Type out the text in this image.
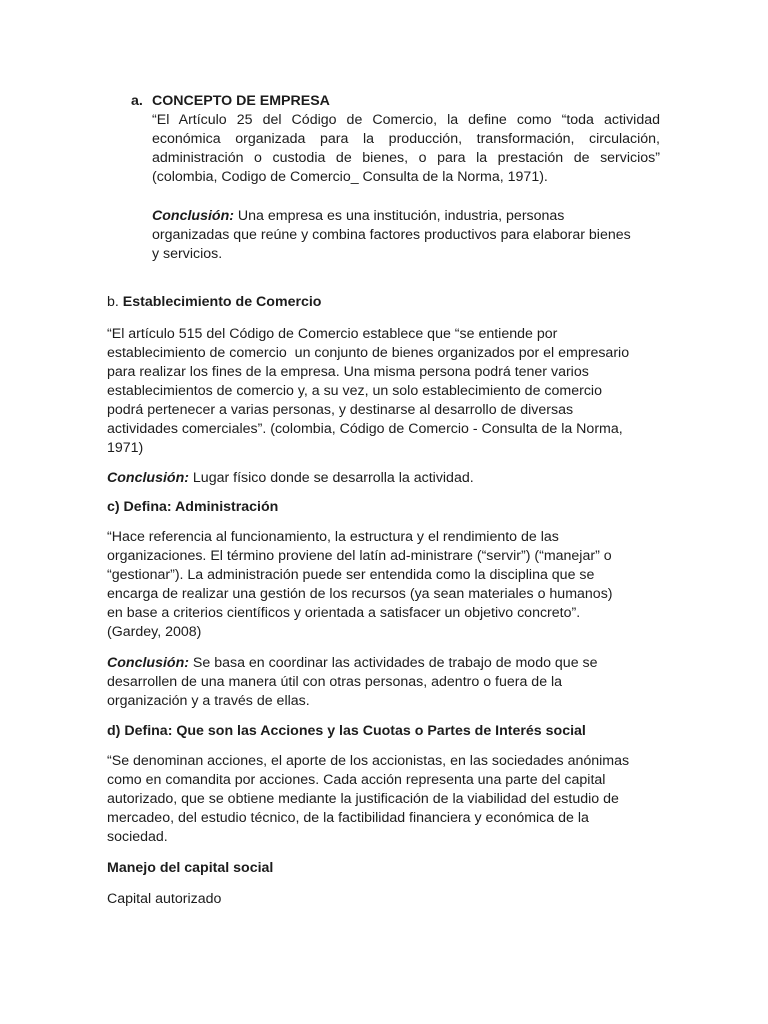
a. CONCEPTO DE EMPRESA
“El Artículo 25 del Código de Comercio, la define como “toda actividad
económica organizada para la producción, transformación, circulación,
administración o custodia de bienes, o para la prestación de servicios”
(colombia, Codigo de Comercio_ Consulta de la Norma, 1971).
Conclusión: Una empresa es una institución, industria, personas
organizadas que reúne y combina factores productivos para elaborar bienes
y servicios.
b. Establecimiento de Comercio
“El artículo 515 del Código de Comercio establece que “se entiende por
establecimiento de comercio  un conjunto de bienes organizados por el empresario
para realizar los fines de la empresa. Una misma persona podrá tener varios
establecimientos de comercio y, a su vez, un solo establecimiento de comercio
podrá pertenecer a varias personas, y destinarse al desarrollo de diversas
actividades comerciales”. (colombia, Código de Comercio - Consulta de la Norma,
1971)
Conclusión: Lugar físico donde se desarrolla la actividad.
c) Defina: Administración
“Hace referencia al funcionamiento, la estructura y el rendimiento de las
organizaciones. El término proviene del latín ad-ministrare (“servir”) (“manejar” o
“gestionar”). La administración puede ser entendida como la disciplina que se
encarga de realizar una gestión de los recursos (ya sean materiales o humanos)
en base a criterios científicos y orientada a satisfacer un objetivo concreto”.
(Gardey, 2008)
Conclusión: Se basa en coordinar las actividades de trabajo de modo que se
desarrollen de una manera útil con otras personas, adentro o fuera de la
organización y a través de ellas.
d) Defina: Que son las Acciones y las Cuotas o Partes de Interés social
“Se denominan acciones, el aporte de los accionistas, en las sociedades anónimas
como en comandita por acciones. Cada acción representa una parte del capital
autorizado, que se obtiene mediante la justificación de la viabilidad del estudio de
mercadeo, del estudio técnico, de la factibilidad financiera y económica de la
sociedad.
Manejo del capital social
Capital autorizado
